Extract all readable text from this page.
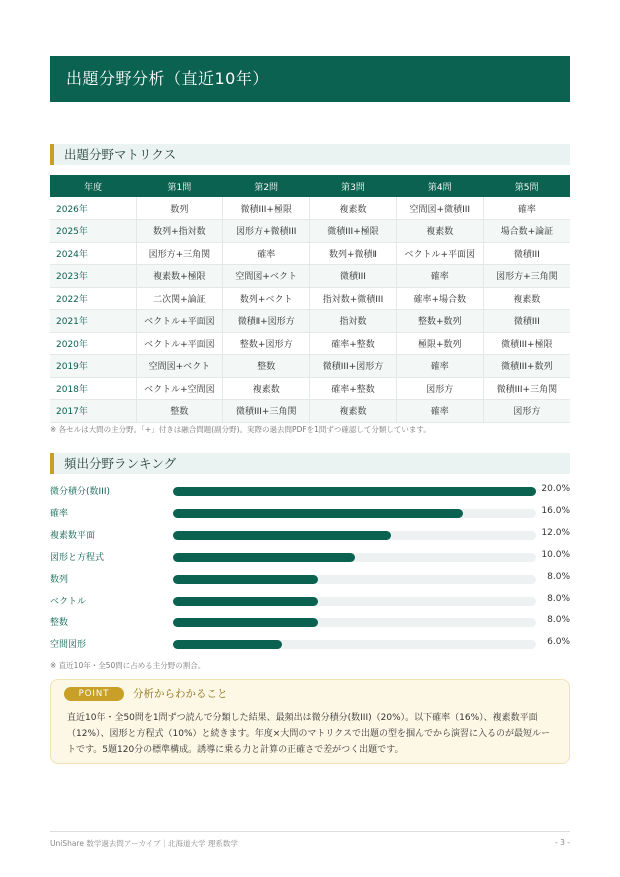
出題分野分析（直近10年）
出題分野マトリクス
年度	第1問	第2問	第3問	第4問	第5問
2026年	数列	微積III+極限	複素数	空間図+微積III	確率
2025年	数列+指対数	図形方+微積III	微積III+極限	複素数	場合数+論証
2024年	図形方+三角関	確率	数列+微積Ⅱ	ベクトル+平面図	微積III
2023年	複素数+極限	空間図+ベクト	微積III	確率	図形方+三角関
2022年	二次関+論証	数列+ベクト	指対数+微積III	確率+場合数	複素数
2021年	ベクトル+平面図	微積Ⅱ+図形方	指対数	整数+数列	微積III
2020年	ベクトル+平面図	整数+図形方	確率+整数	極限+数列	微積III+極限
2019年	空間図+ベクト	整数	微積III+図形方	確率	微積III+数列
2018年	ベクトル+空間図	複素数	確率+整数	図形方	微積III+三角関
2017年	整数	微積III+三角関	複素数	確率	図形方
※ 各セルは大問の主分野。「+」付きは融合問題(副分野)。実際の過去問PDFを1問ずつ確認して分類しています。
頻出分野ランキング
微分積分(数III)	20.0%
確率	16.0%
複素数平面	12.0%
図形と方程式	10.0%
数列	8.0%
ベクトル	8.0%
整数	8.0%
空間図形	6.0%
※ 直近10年・全50問に占める主分野の割合。
POINT	分析からわかること
直近10年・全50問を1問ずつ読んで分類した結果、最頻出は微分積分(数III)（20%）。以下確率（16%）、複素数平面（12%）、図形と方程式（10%）と続きます。年度×大問のマトリクスで出題の型を掴んでから演習に入るのが最短ルートです。5題120分の標準構成。誘導に乗る力と計算の正確さで差がつく出題です。
UniShare 数学過去問アーカイブ｜北海道大学 理系数学	- 3 -
